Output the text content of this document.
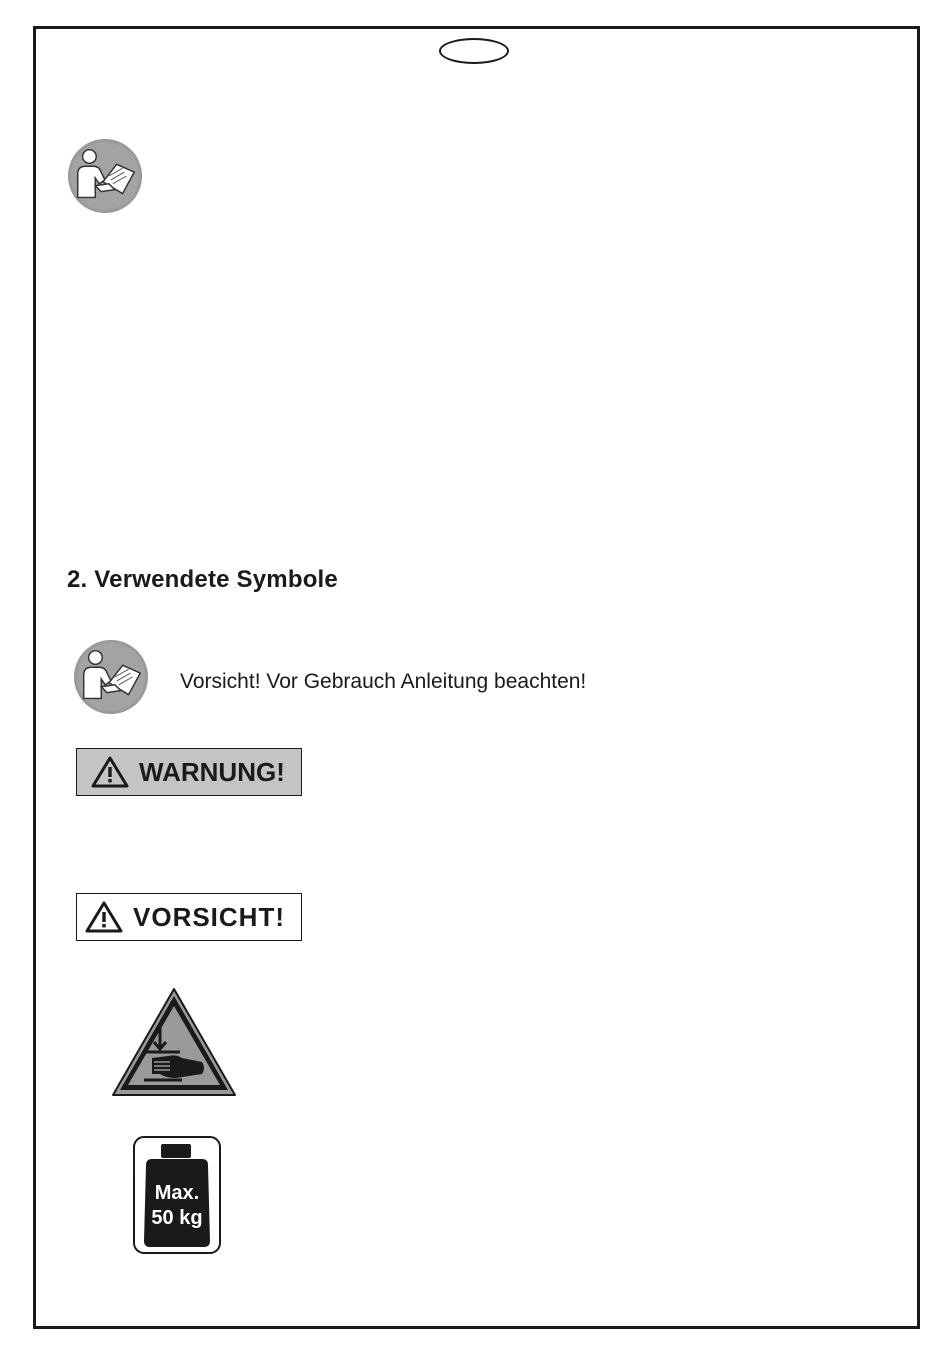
2. Verwendete Symbole
Vorsicht! Vor Gebrauch Anleitung beachten!
WARNUNG!
VORSICHT!
Max.
50 kg
